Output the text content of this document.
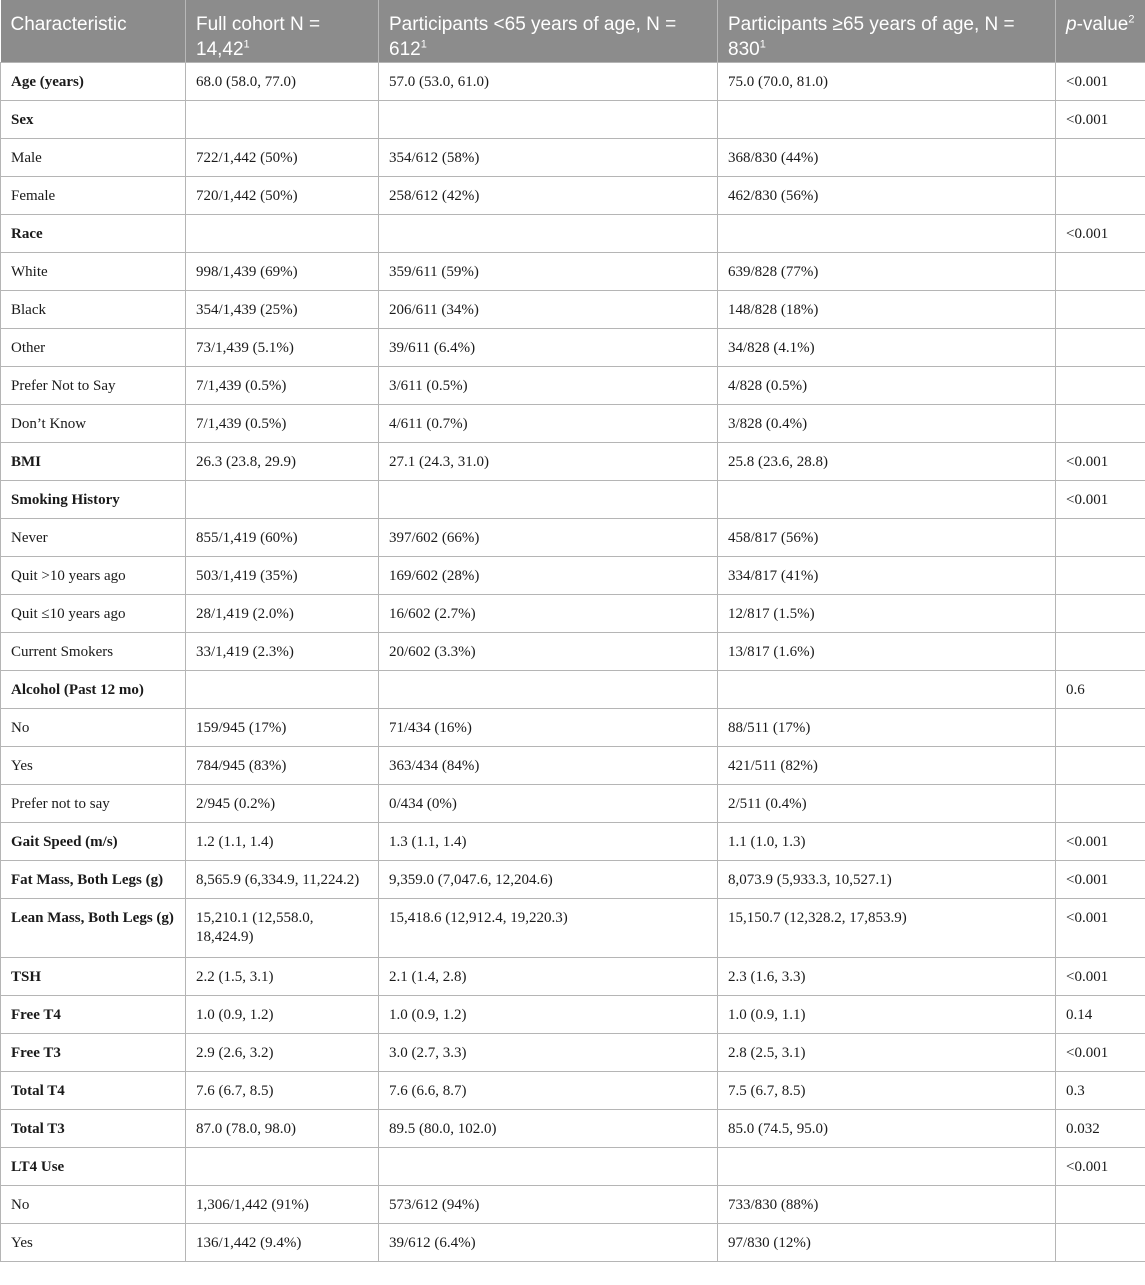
Characteristic	Full cohort $N = 14,42^1$	Participants <65 years of age, $N = 612^1$	Participants ≥65 years of age, $N = 830^1$	p-value$^2$
Age (years)	68.0 (58.0, 77.0)	57.0 (53.0, 61.0)	75.0 (70.0, 81.0)	<0.001
Sex				<0.001
Male	722/1,442 (50%)	354/612 (58%)	368/830 (44%)	
Female	720/1,442 (50%)	258/612 (42%)	462/830 (56%)	
Race				<0.001
White	998/1,439 (69%)	359/611 (59%)	639/828 (77%)	
Black	354/1,439 (25%)	206/611 (34%)	148/828 (18%)	
Other	73/1,439 (5.1%)	39/611 (6.4%)	34/828 (4.1%)	
Prefer Not to Say	7/1,439 (0.5%)	3/611 (0.5%)	4/828 (0.5%)	
Don’t Know	7/1,439 (0.5%)	4/611 (0.7%)	3/828 (0.4%)	
BMI	26.3 (23.8, 29.9)	27.1 (24.3, 31.0)	25.8 (23.6, 28.8)	<0.001
Smoking History				<0.001
Never	855/1,419 (60%)	397/602 (66%)	458/817 (56%)	
Quit >10 years ago	503/1,419 (35%)	169/602 (28%)	334/817 (41%)	
Quit ≤10 years ago	28/1,419 (2.0%)	16/602 (2.7%)	12/817 (1.5%)	
Current Smokers	33/1,419 (2.3%)	20/602 (3.3%)	13/817 (1.6%)	
Alcohol (Past 12 mo)				0.6
No	159/945 (17%)	71/434 (16%)	88/511 (17%)	
Yes	784/945 (83%)	363/434 (84%)	421/511 (82%)	
Prefer not to say	2/945 (0.2%)	0/434 (0%)	2/511 (0.4%)	
Gait Speed (m/s)	1.2 (1.1, 1.4)	1.3 (1.1, 1.4)	1.1 (1.0, 1.3)	<0.001
Fat Mass, Both Legs (g)	8,565.9 (6,334.9, 11,224.2)	9,359.0 (7,047.6, 12,204.6)	8,073.9 (5,933.3, 10,527.1)	<0.001
Lean Mass, Both Legs (g)	15,210.1 (12,558.0, 18,424.9)	15,418.6 (12,912.4, 19,220.3)	15,150.7 (12,328.2, 17,853.9)	<0.001
TSH	2.2 (1.5, 3.1)	2.1 (1.4, 2.8)	2.3 (1.6, 3.3)	<0.001
Free T4	1.0 (0.9, 1.2)	1.0 (0.9, 1.2)	1.0 (0.9, 1.1)	0.14
Free T3	2.9 (2.6, 3.2)	3.0 (2.7, 3.3)	2.8 (2.5, 3.1)	<0.001
Total T4	7.6 (6.7, 8.5)	7.6 (6.6, 8.7)	7.5 (6.7, 8.5)	0.3
Total T3	87.0 (78.0, 98.0)	89.5 (80.0, 102.0)	85.0 (74.5, 95.0)	0.032
LT4 Use				<0.001
No	1,306/1,442 (91%)	573/612 (94%)	733/830 (88%)	
Yes	136/1,442 (9.4%)	39/612 (6.4%)	97/830 (12%)	
